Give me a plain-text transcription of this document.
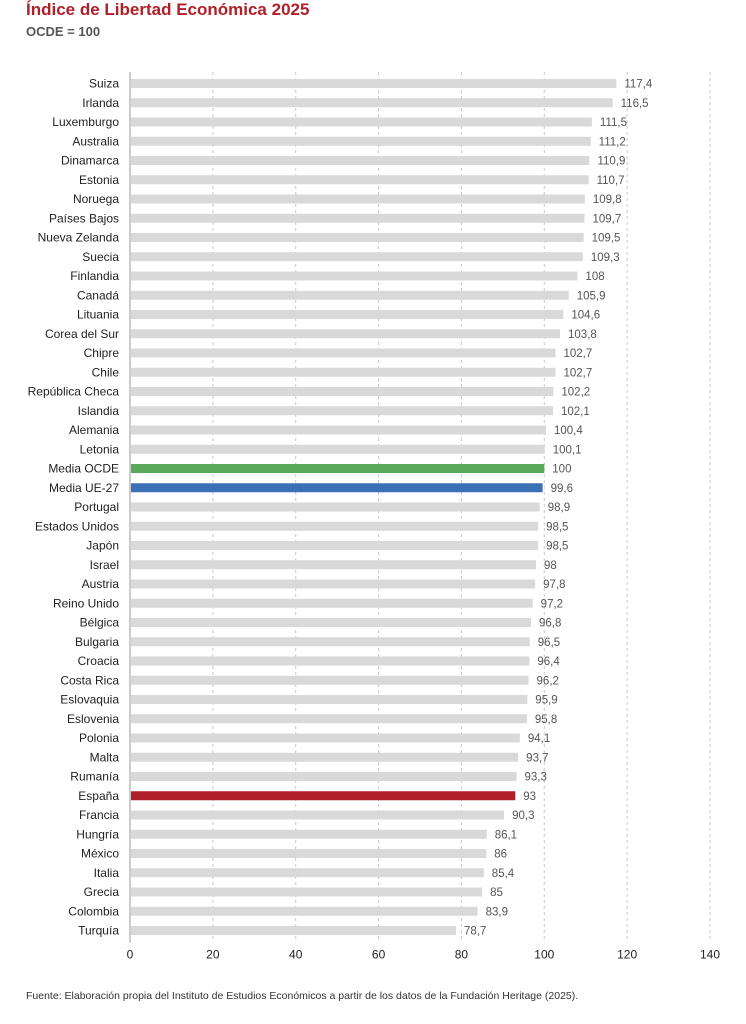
Índice de Libertad Económica 2025
OCDE = 100
0	20	40	60	80	100	120	140
Suiza	117,4
Irlanda	116,5
Luxemburgo	111,5
Australia	111,2
Dinamarca	110,9
Estonia	110,7
Noruega	109,8
Países Bajos	109,7
Nueva Zelanda	109,5
Suecia	109,3
Finlandia	108
Canadá	105,9
Lituania	104,6
Corea del Sur	103,8
Chipre	102,7
Chile	102,7
República Checa	102,2
Islandia	102,1
Alemania	100,4
Letonia	100,1
Media OCDE	100
Media UE-27	99,6
Portugal	98,9
Estados Unidos	98,5
Japón	98,5
Israel	98
Austria	97,8
Reino Unido	97,2
Bélgica	96,8
Bulgaria	96,5
Croacia	96,4
Costa Rica	96,2
Eslovaquia	95,9
Eslovenia	95,8
Polonia	94,1
Malta	93,7
Rumanía	93,3
España	93
Francia	90,3
Hungría	86,1
México	86
Italia	85,4
Grecia	85
Colombia	83,9
Turquía	78,7
Fuente: Elaboración propia del Instituto de Estudios Económicos a partir de los datos de la Fundación Heritage (2025).
